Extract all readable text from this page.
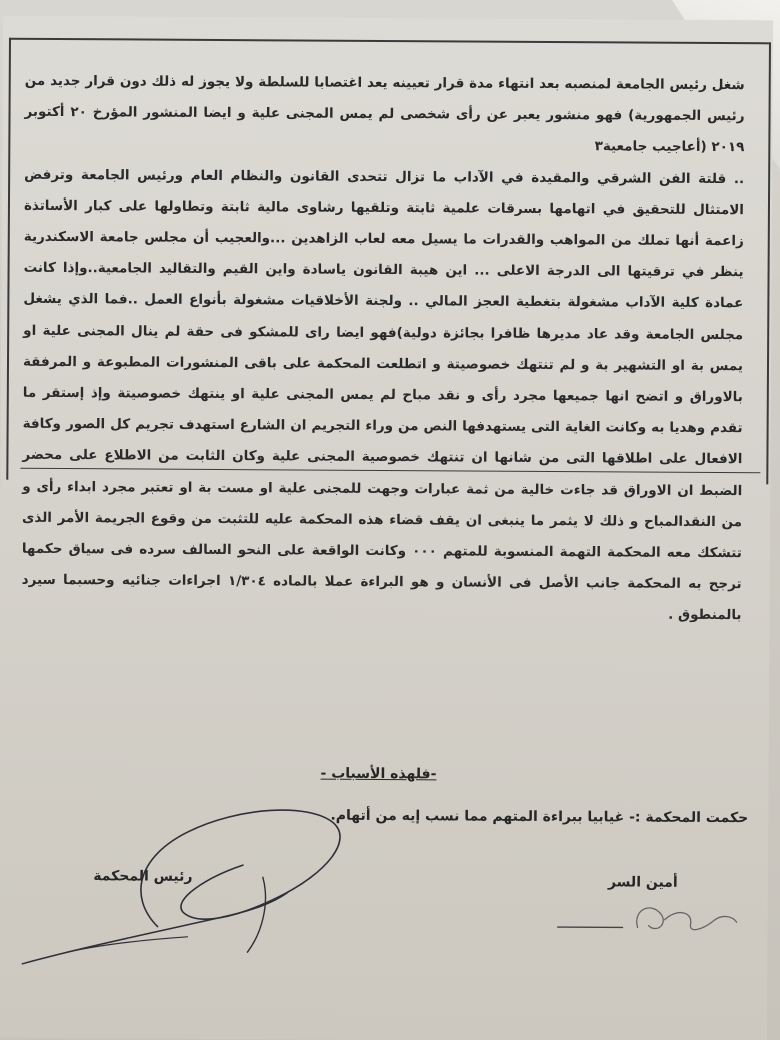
شغل رئيس الجامعة لمنصبه بعد انتهاء مدة قرار تعيينه يعد اغتصابا للسلطة ولا يجوز له ذلك دون قرار جديد من رئيس الجمهورية) فهو منشور يعبر عن رأى شخصى لم يمس المجنى علية و ايضا المنشور المؤرخ ٢٠ أكتوبر ٢٠١٩ (أعاجيب جامعية٣

.. قلتة الفن الشرقي والمقيدة في الآداب ما تزال تتحدى القانون والنظام العام ورئيس الجامعة وترفض الامتثال للتحقيق في اتهامها بسرقات علمية ثابتة وتلقيها رشاوى مالية ثابتة وتطاولها على كبار الأساتذة زاعمة أنها تملك من المواهب والقدرات ما يسيل معه لعاب الزاهدين ...والعجيب أن مجلس جامعة الاسكندرية ينظر في ترقيتها الى الدرجة الاعلى ... اين هيبة القانون ياسادة واين القيم والتقاليد الجامعية..وإذا كانت عمادة كلية الآداب مشغولة بتغطية العجز المالي .. ولجنة الأخلاقيات مشغولة بأنواع العمل ..فما الذي يشغل مجلس الجامعة وقد عاد مديرها ظافرا بجائزة دولية)فهو ايضا راى للمشكو فى حقة لم ينال المجنى علية او يمس بة او التشهير بة و لم تنتهك خصوصيتة و اتطلعت المحكمة على باقى المنشورات المطبوعة و المرفقة بالاوراق و اتضح انها جميعها مجرد رأى و نقد مباح لم يمس المجنى علية او ينتهك خصوصيتة وإذ إستقر ما تقدم وهديا به وكانت الغاية التى يستهدفها النص من وراء التجريم ان الشارع استهدف تجريم كل الصور وكافة الافعال على اطلاقها التى من شانها ان تنتهك خصوصية المجنى علية وكان الثابت من الاطلاع على محضر الضبط ان الاوراق قد جاءت خالية من ثمة عبارات وجهت للمجنى علية او مست بة او تعتبر مجرد ابداء رأى و من النقدالمباح و ذلك لا يثمر ما ينبغى ان يقف قضاء هذه المحكمة عليه للتثبت من وقوع الجريمة الأمر الذى تتشكك معه المحكمة التهمة المنسوبة للمتهم ٠٠٠ وكانت الواقعة على النحو السالف سرده فى سياق حكمها ترجح به المحكمة جانب الأصل فى الأنسان و هو البراءة عملا بالماده ١/٣٠٤ اجراءات جنائيه وحسبما سيرد بالمنطوق .

-فلهذه الأسباب -
حكمت المحكمة :- غيابيا ببراءة المتهم مما نسب إيه من أتهام.
رئيس المحكمة	أمين السر
